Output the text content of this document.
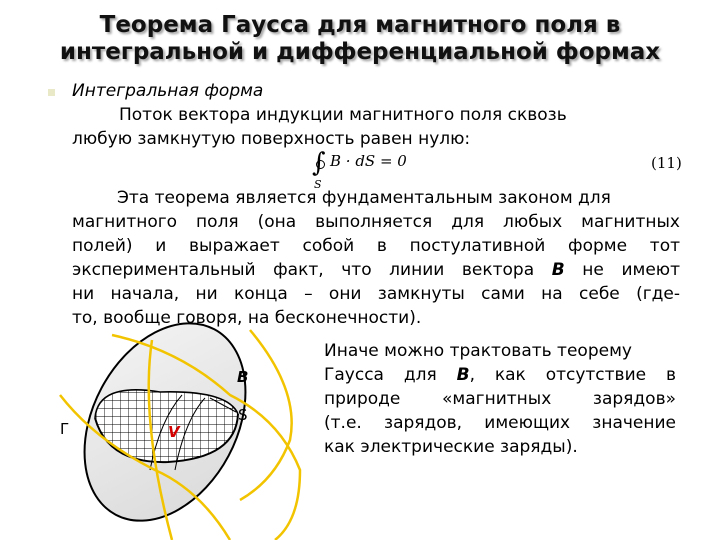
Теорема Гаусса для магнитного поля в
интегральной и дифференциальной формах
Интегральная форма
Поток вектора индукции магнитного поля сквозь
любую замкнутую поверхность равен нулю:
∫ B · dS = 0
S
(11)
Эта теорема является фундаментальным законом для
магнитного поля (она выполняется для любых магнитных
полей) и выражает собой в постулативной форме тот
экспериментальный факт, что линии вектора B не имеют
ни начала, ни конца – они замкнуты сами на себе (где-
то, вообще говоря, на бесконечности).
Иначе можно трактовать теорему
Гаусса для B, как отсутствие в
природе «магнитных зарядов»
(т.е. зарядов, имеющих значение
как электрические заряды).
B
S
V
Г
